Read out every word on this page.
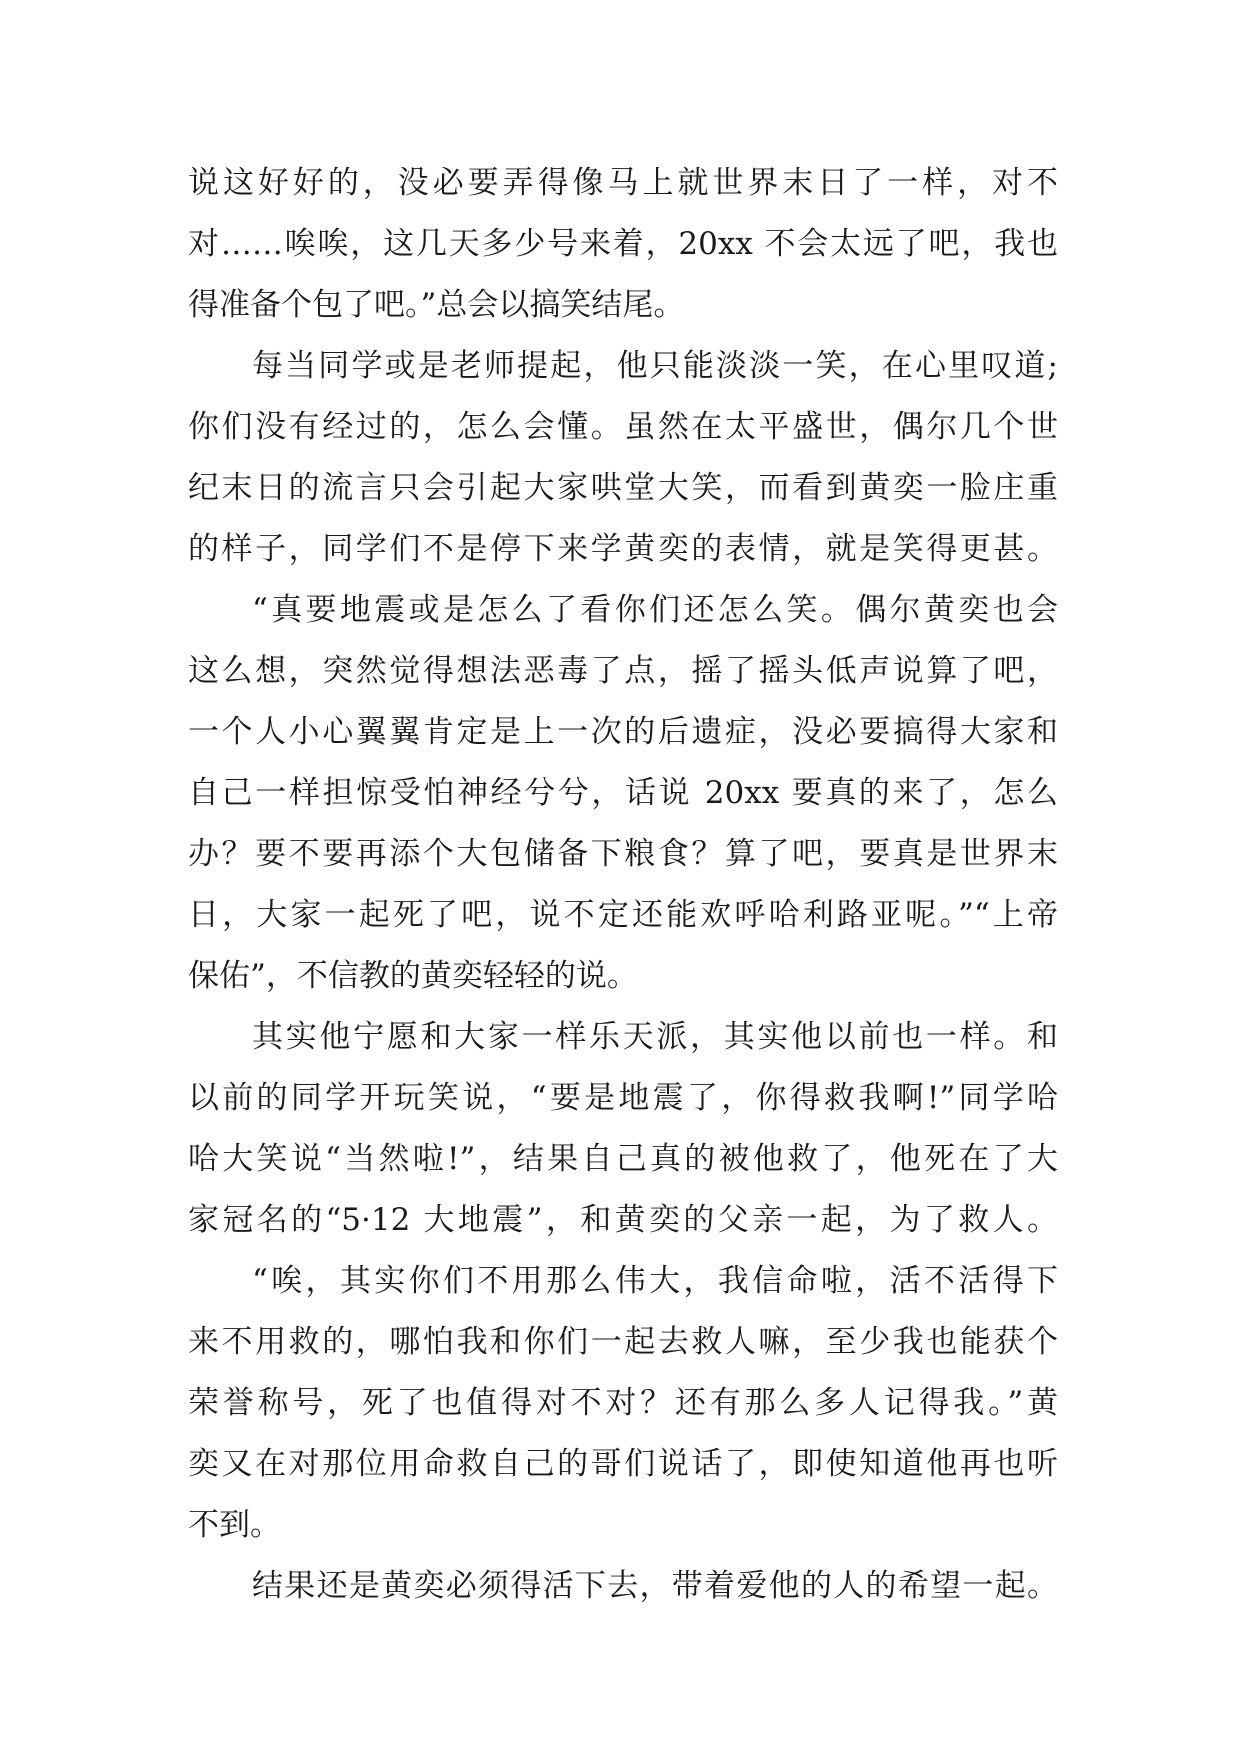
说这好好的，没必要弄得像马上就世界末日了一样，对不
对……唉唉，这几天多少号来着，20xx 不会太远了吧，我也
得准备个包了吧。”总会以搞笑结尾。
每当同学或是老师提起，他只能淡淡一笑，在心里叹道;
你们没有经过的，怎么会懂。虽然在太平盛世，偶尔几个世
纪末日的流言只会引起大家哄堂大笑，而看到黄奕一脸庄重
的样子，同学们不是停下来学黄奕的表情，就是笑得更甚。
“真要地震或是怎么了看你们还怎么笑。偶尔黄奕也会
这么想，突然觉得想法恶毒了点，摇了摇头低声说算了吧，
一个人小心翼翼肯定是上一次的后遗症，没必要搞得大家和
自己一样担惊受怕神经兮兮，话说 20xx 要真的来了，怎么
办？要不要再添个大包储备下粮食？算了吧，要真是世界末
日，大家一起死了吧，说不定还能欢呼哈利路亚呢。”“上帝
保佑”，不信教的黄奕轻轻的说。
其实他宁愿和大家一样乐天派，其实他以前也一样。和
以前的同学开玩笑说，“要是地震了，你得救我啊!”同学哈
哈大笑说“当然啦!”，结果自己真的被他救了，他死在了大
家冠名的“5·12 大地震”，和黄奕的父亲一起，为了救人。
“唉，其实你们不用那么伟大，我信命啦，活不活得下
来不用救的，哪怕我和你们一起去救人嘛，至少我也能获个
荣誉称号，死了也值得对不对？还有那么多人记得我。”黄
奕又在对那位用命救自己的哥们说话了，即使知道他再也听
不到。
结果还是黄奕必须得活下去，带着爱他的人的希望一起。
